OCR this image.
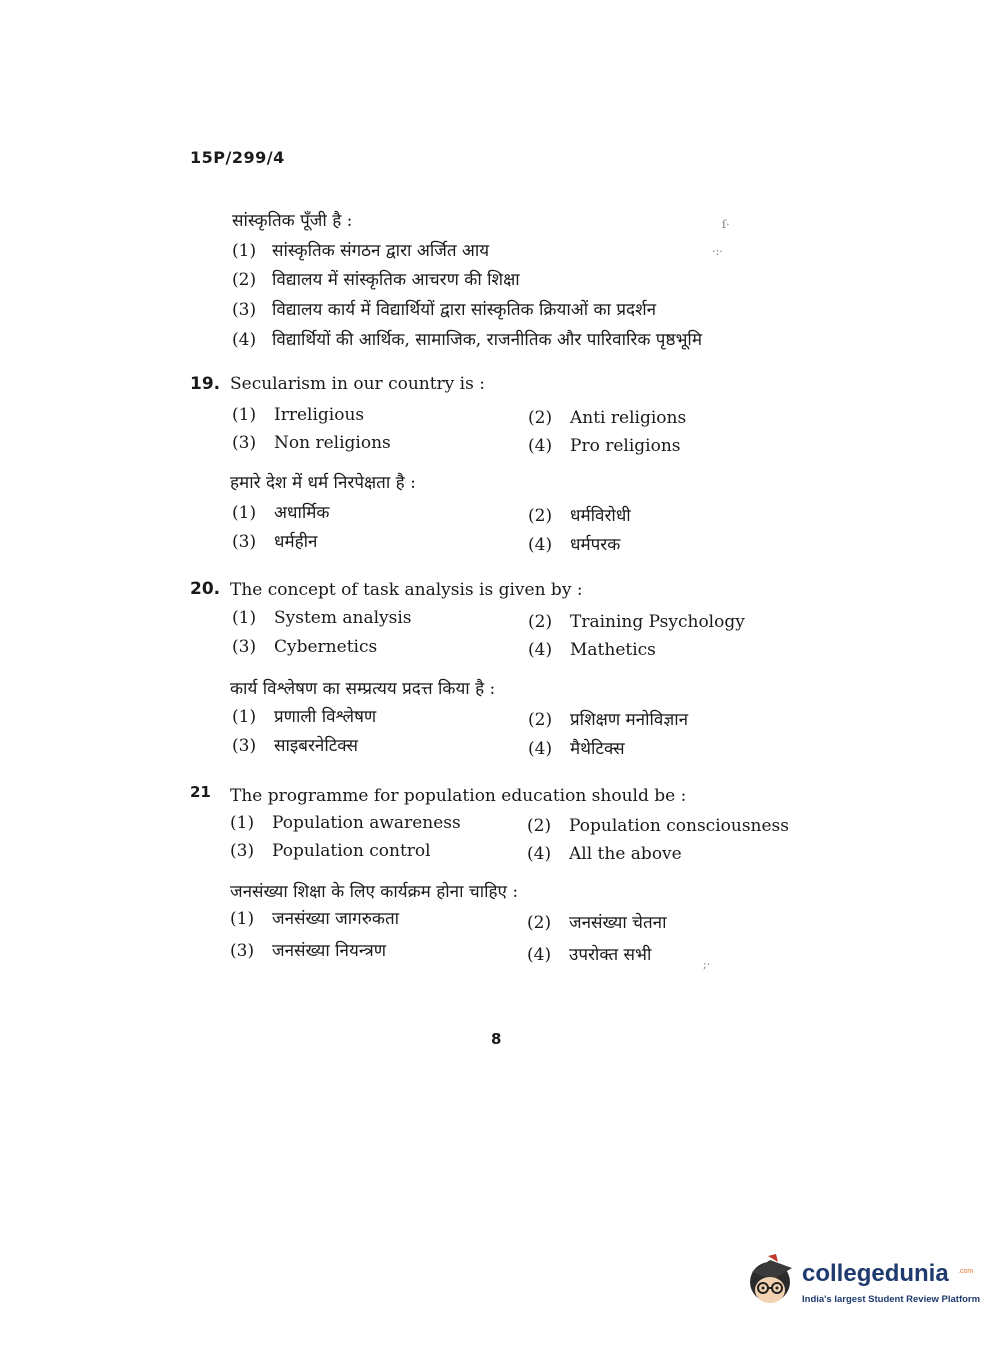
15P/299/4
सांस्कृतिक पूँजी है :
(1) सांस्कृतिक संगठन द्वारा अर्जित आय
(2) विद्यालय में सांस्कृतिक आचरण की शिक्षा
(3) विद्यालय कार्य में विद्यार्थियों द्वारा सांस्कृतिक क्रियाओं का प्रदर्शन
(4) विद्यार्थियों की आर्थिक, सामाजिक, राजनीतिक और पारिवारिक पृष्ठभूमि
19. Secularism in our country is :
(1) Irreligious	(2) Anti religions
(3) Non religions	(4) Pro religions
हमारे देश में धर्म निरपेक्षता है :
(1) अधार्मिक	(2) धर्मविरोधी
(3) धर्महीन	(4) धर्मपरक
20. The concept of task analysis is given by :
(1) System analysis	(2) Training Psychology
(3) Cybernetics	(4) Mathetics
कार्य विश्लेषण का सम्प्रत्यय प्रदत्त किया है :
(1) प्रणाली विश्लेषण	(2) प्रशिक्षण मनोविज्ञान
(3) साइबरनेटिक्स	(4) मैथेटिक्स
21 The programme for population education should be :
(1) Population awareness	(2) Population consciousness
(3) Population control	(4) All the above
जनसंख्या शिक्षा के लिए कार्यक्रम होना चाहिए :
(1) जनसंख्या जागरुकता	(2) जनसंख्या चेतना
(3) जनसंख्या नियन्त्रण	(4) उपरोक्त सभी
ſ·
·:·
;·
8
collegedunia .com
India's largest Student Review Platform
